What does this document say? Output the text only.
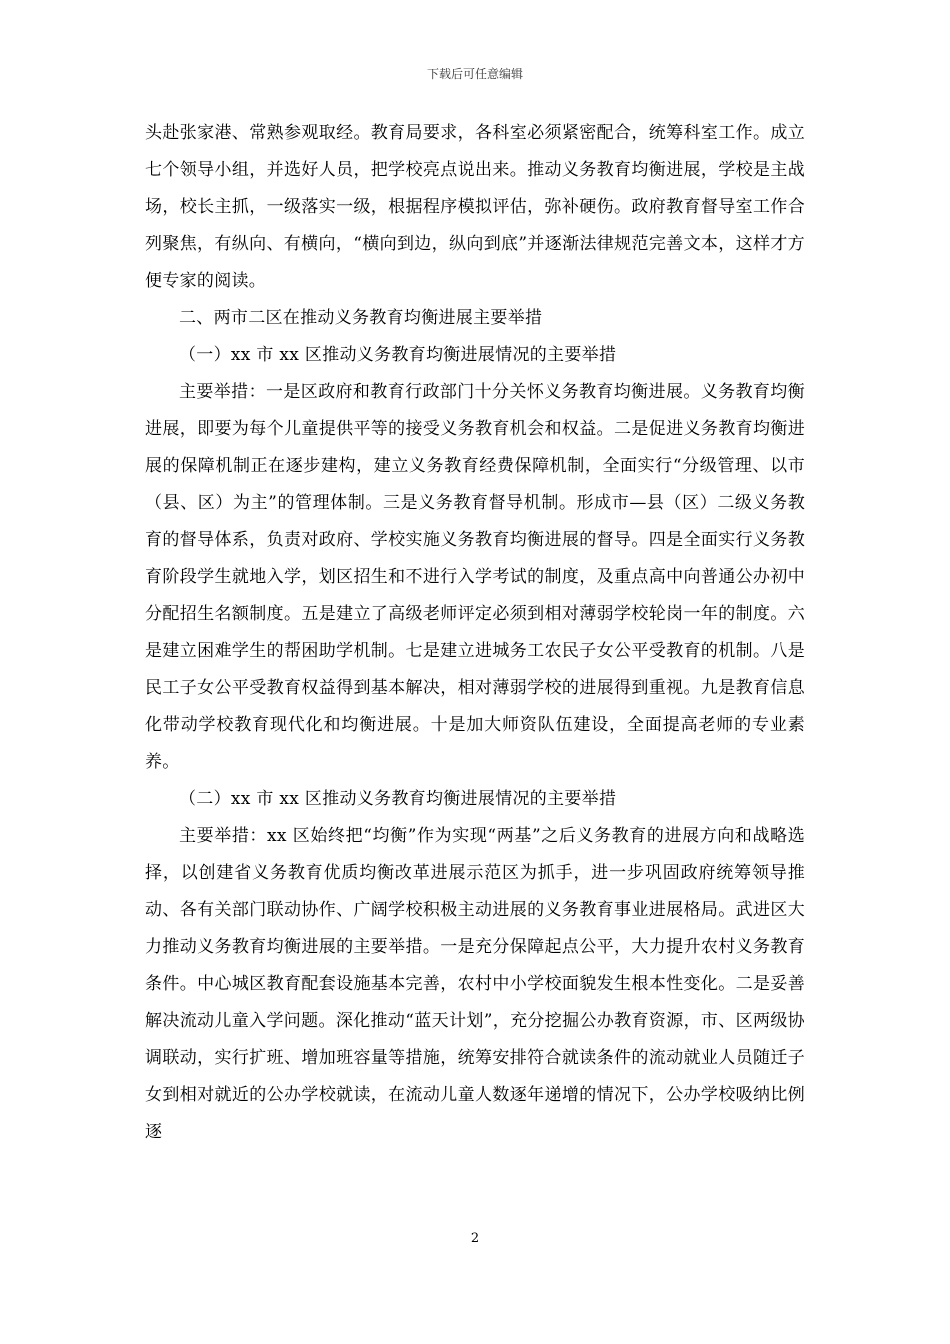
下载后可任意编辑

头赴张家港、常熟参观取经。教育局要求，各科室必须紧密配合，统筹科室工作。成立七个领导小组，并选好人员，把学校亮点说出来。推动义务教育均衡进展，学校是主战场，校长主抓，一级落实一级，根据程序模拟评估，弥补硬伤。政府教育督导室工作合列聚焦，有纵向、有横向，“横向到边，纵向到底”并逐渐法律规范完善文本，这样才方便专家的阅读。

二、两市二区在推动义务教育均衡进展主要举措

（一）xx 市 xx 区推动义务教育均衡进展情况的主要举措

主要举措：一是区政府和教育行政部门十分关怀义务教育均衡进展。义务教育均衡进展，即要为每个儿童提供平等的接受义务教育机会和权益。二是促进义务教育均衡进展的保障机制正在逐步建构，建立义务教育经费保障机制，全面实行“分级管理、以市（县、区）为主”的管理体制。三是义务教育督导机制。形成市—县（区）二级义务教育的督导体系，负责对政府、学校实施义务教育均衡进展的督导。四是全面实行义务教育阶段学生就地入学，划区招生和不进行入学考试的制度，及重点高中向普通公办初中分配招生名额制度。五是建立了高级老师评定必须到相对薄弱学校轮岗一年的制度。六是建立困难学生的帮困助学机制。七是建立进城务工农民子女公平受教育的机制。八是民工子女公平受教育权益得到基本解决，相对薄弱学校的进展得到重视。九是教育信息化带动学校教育现代化和均衡进展。十是加大师资队伍建设，全面提高老师的专业素养。

（二）xx 市 xx 区推动义务教育均衡进展情况的主要举措

主要举措：xx 区始终把“均衡”作为实现“两基”之后义务教育的进展方向和战略选择，以创建省义务教育优质均衡改革进展示范区为抓手，进一步巩固政府统筹领导推动、各有关部门联动协作、广阔学校积极主动进展的义务教育事业进展格局。武进区大力推动义务教育均衡进展的主要举措。一是充分保障起点公平，大力提升农村义务教育条件。中心城区教育配套设施基本完善，农村中小学校面貌发生根本性变化。二是妥善解决流动儿童入学问题。深化推动“蓝天计划”，充分挖掘公办教育资源，市、区两级协调联动，实行扩班、增加班容量等措施，统筹安排符合就读条件的流动就业人员随迁子女到相对就近的公办学校就读，在流动儿童人数逐年递增的情况下，公办学校吸纳比例逐

2
